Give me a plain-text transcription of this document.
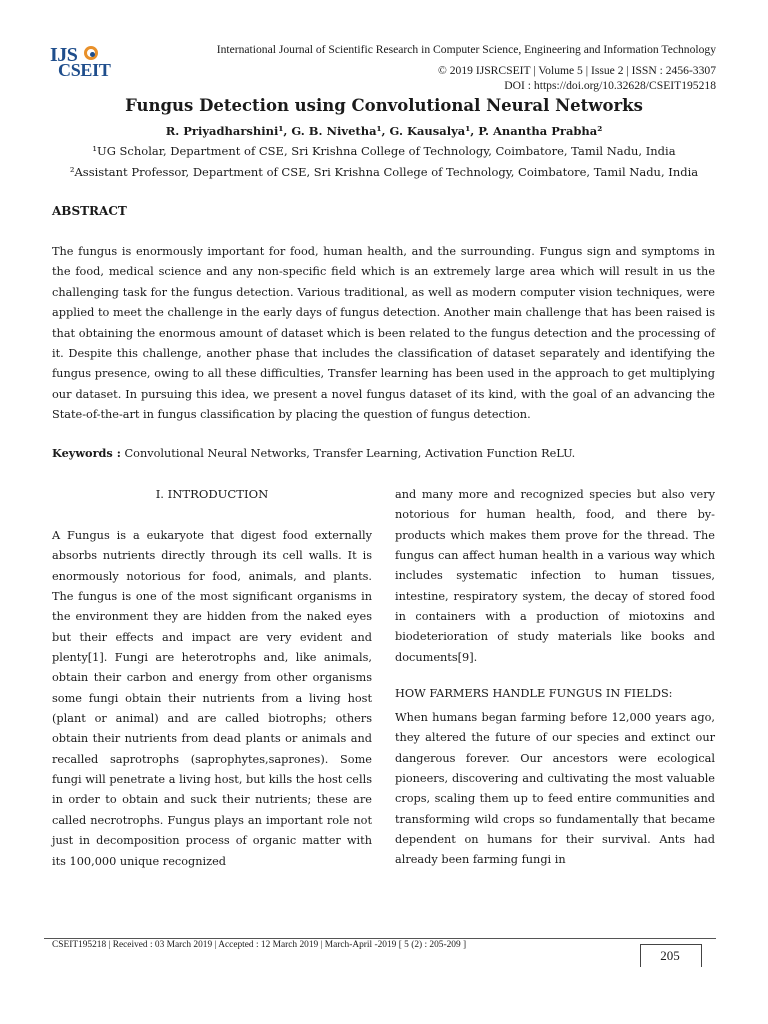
IJS
CSEIT
International Journal of Scientific Research in Computer Science, Engineering and Information Technology
© 2019 IJSRCSEIT | Volume 5 | Issue 2 | ISSN : 2456-3307
DOI : https://doi.org/10.32628/CSEIT195218
Fungus Detection using Convolutional Neural Networks
R. Priyadharshini¹, G. B. Nivetha¹, G. Kausalya¹, P. Anantha Prabha²
¹UG Scholar, Department of CSE, Sri Krishna College of Technology, Coimbatore, Tamil Nadu, India
²Assistant Professor, Department of CSE, Sri Krishna College of Technology, Coimbatore, Tamil Nadu, India
ABSTRACT

The fungus is enormously important for food, human health, and the surrounding. Fungus sign and symptoms in the food, medical science and any non-specific field which is an extremely large area which will result in us the challenging task for the fungus detection. Various traditional, as well as modern computer vision techniques, were applied to meet the challenge in the early days of fungus detection. Another main challenge that has been raised is that obtaining the enormous amount of dataset which is been related to the fungus detection and the processing of it. Despite this challenge, another phase that includes the classification of dataset separately and identifying the fungus presence, owing to all these difficulties, Transfer learning has been used in the approach to get multiplying our dataset. In pursuing this idea, we present a novel fungus dataset of its kind, with the goal of an advancing the State-of-the-art in fungus classification by placing the question of fungus detection.

Keywords : Convolutional Neural Networks, Transfer Learning, Activation Function ReLU.
I. INTRODUCTION

A Fungus is a eukaryote that digest food externally absorbs nutrients directly through its cell walls. It is enormously notorious for food, animals, and plants. The fungus is one of the most significant organisms in the environment they are hidden from the naked eyes but their effects and impact are very evident and plenty[1]. Fungi are heterotrophs and, like animals, obtain their carbon and energy from other organisms some fungi obtain their nutrients from a living host (plant or animal) and are called biotrophs; others obtain their nutrients from dead plants or animals and recalled saprotrophs (saprophytes,saprones). Some fungi will penetrate a living host, but kills the host cells in order to obtain and suck their nutrients; these are called necrotrophs. Fungus plays an important role not just in decomposition process of organic matter with its 100,000 unique recognized

and many more and recognized species but also very notorious for human health, food, and there by-products which makes them prove for the thread. The fungus can affect human health in a various way which includes systematic infection to human tissues, intestine, respiratory system, the decay of stored food in containers with a production of miotoxins and biodeterioration of study materials like books and documents[9].

HOW FARMERS HANDLE FUNGUS IN FIELDS:

When humans began farming before 12,000 years ago, they altered the future of our species and extinct our dangerous forever. Our ancestors were ecological pioneers, discovering and cultivating the most valuable crops, scaling them up to feed entire communities and transforming wild crops so fundamentally that became dependent on humans for their survival. Ants had already been farming fungi in

CSEIT195218 | Received : 03 March 2019 | Accepted : 12 March 2019 | March-April -2019 [ 5 (2) : 205-209 ]
205
